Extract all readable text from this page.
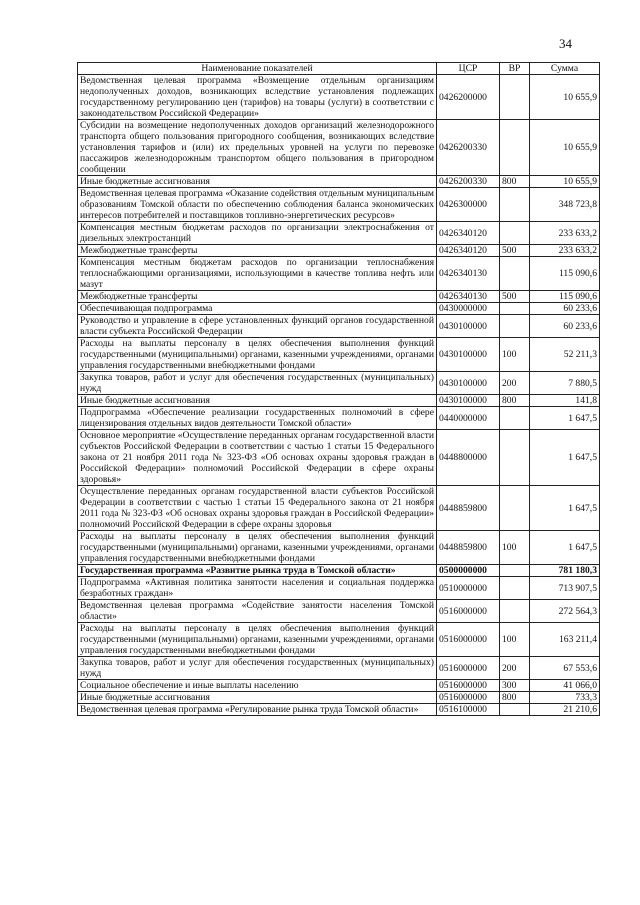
34
Наименование показателей	ЦСР	ВР	Сумма
Ведомственная целевая программа «Возмещение отдельным организациям недополученных доходов, возникающих вследствие установления подлежащих государственному регулированию цен (тарифов) на товары (услуги) в соответствии с законодательством Российской Федерации»	0426200000		10 655,9
Субсидии на возмещение недополученных доходов организаций железнодорожного транспорта общего пользования пригородного сообщения, возникающих вследствие установления тарифов и (или) их предельных уровней на услуги по перевозке пассажиров железнодорожным транспортом общего пользования в пригородном сообщении	0426200330		10 655,9
Иные бюджетные ассигнования	0426200330	800	10 655,9
Ведомственная целевая программа «Оказание содействия отдельным муниципальным образованиям Томской области по обеспечению соблюдения баланса экономических интересов потребителей и поставщиков топливно-энергетических ресурсов»	0426300000		348 723,8
Компенсация местным бюджетам расходов по организации электроснабжения от дизельных электростанций	0426340120		233 633,2
Межбюджетные трансферты	0426340120	500	233 633,2
Компенсация местным бюджетам расходов по организации теплоснабжения теплоснабжающими организациями, использующими в качестве топлива нефть или мазут	0426340130		115 090,6
Межбюджетные трансферты	0426340130	500	115 090,6
Обеспечивающая подпрограмма	0430000000		60 233,6
Руководство и управление в сфере установленных функций органов государственной власти субъекта Российской Федерации	0430100000		60 233,6
Расходы на выплаты персоналу в целях обеспечения выполнения функций государственными (муниципальными) органами, казенными учреждениями, органами управления государственными внебюджетными фондами	0430100000	100	52 211,3
Закупка товаров, работ и услуг для обеспечения государственных (муниципальных) нужд	0430100000	200	7 880,5
Иные бюджетные ассигнования	0430100000	800	141,8
Подпрограмма «Обеспечение реализации государственных полномочий в сфере лицензирования отдельных видов деятельности Томской области»	0440000000		1 647,5
Основное мероприятие «Осуществление переданных органам государственной власти субъектов Российской Федерации в соответствии с частью 1 статьи 15 Федерального закона от 21 ноября 2011 года № 323-ФЗ «Об основах охраны здоровья граждан в Российской Федерации» полномочий Российской Федерации в сфере охраны здоровья»	0448800000		1 647,5
Осуществление переданных органам государственной власти субъектов Российской Федерации в соответствии с частью 1 статьи 15 Федерального закона от 21 ноября 2011 года № 323-ФЗ «Об основах охраны здоровья граждан в Российской Федерации» полномочий Российской Федерации в сфере охраны здоровья	0448859800		1 647,5
Расходы на выплаты персоналу в целях обеспечения выполнения функций государственными (муниципальными) органами, казенными учреждениями, органами управления государственными внебюджетными фондами	0448859800	100	1 647,5
Государственная программа «Развитие рынка труда в Томской области»	0500000000		781 180,3
Подпрограмма «Активная политика занятости населения и социальная поддержка безработных граждан»	0510000000		713 907,5
Ведомственная целевая программа «Содействие занятости населения Томской области»	0516000000		272 564,3
Расходы на выплаты персоналу в целях обеспечения выполнения функций государственными (муниципальными) органами, казенными учреждениями, органами управления государственными внебюджетными фондами	0516000000	100	163 211,4
Закупка товаров, работ и услуг для обеспечения государственных (муниципальных) нужд	0516000000	200	67 553,6
Социальное обеспечение и иные выплаты населению	0516000000	300	41 066,0
Иные бюджетные ассигнования	0516000000	800	733,3
Ведомственная целевая программа «Регулирование рынка труда Томской области»	0516100000		21 210,6
